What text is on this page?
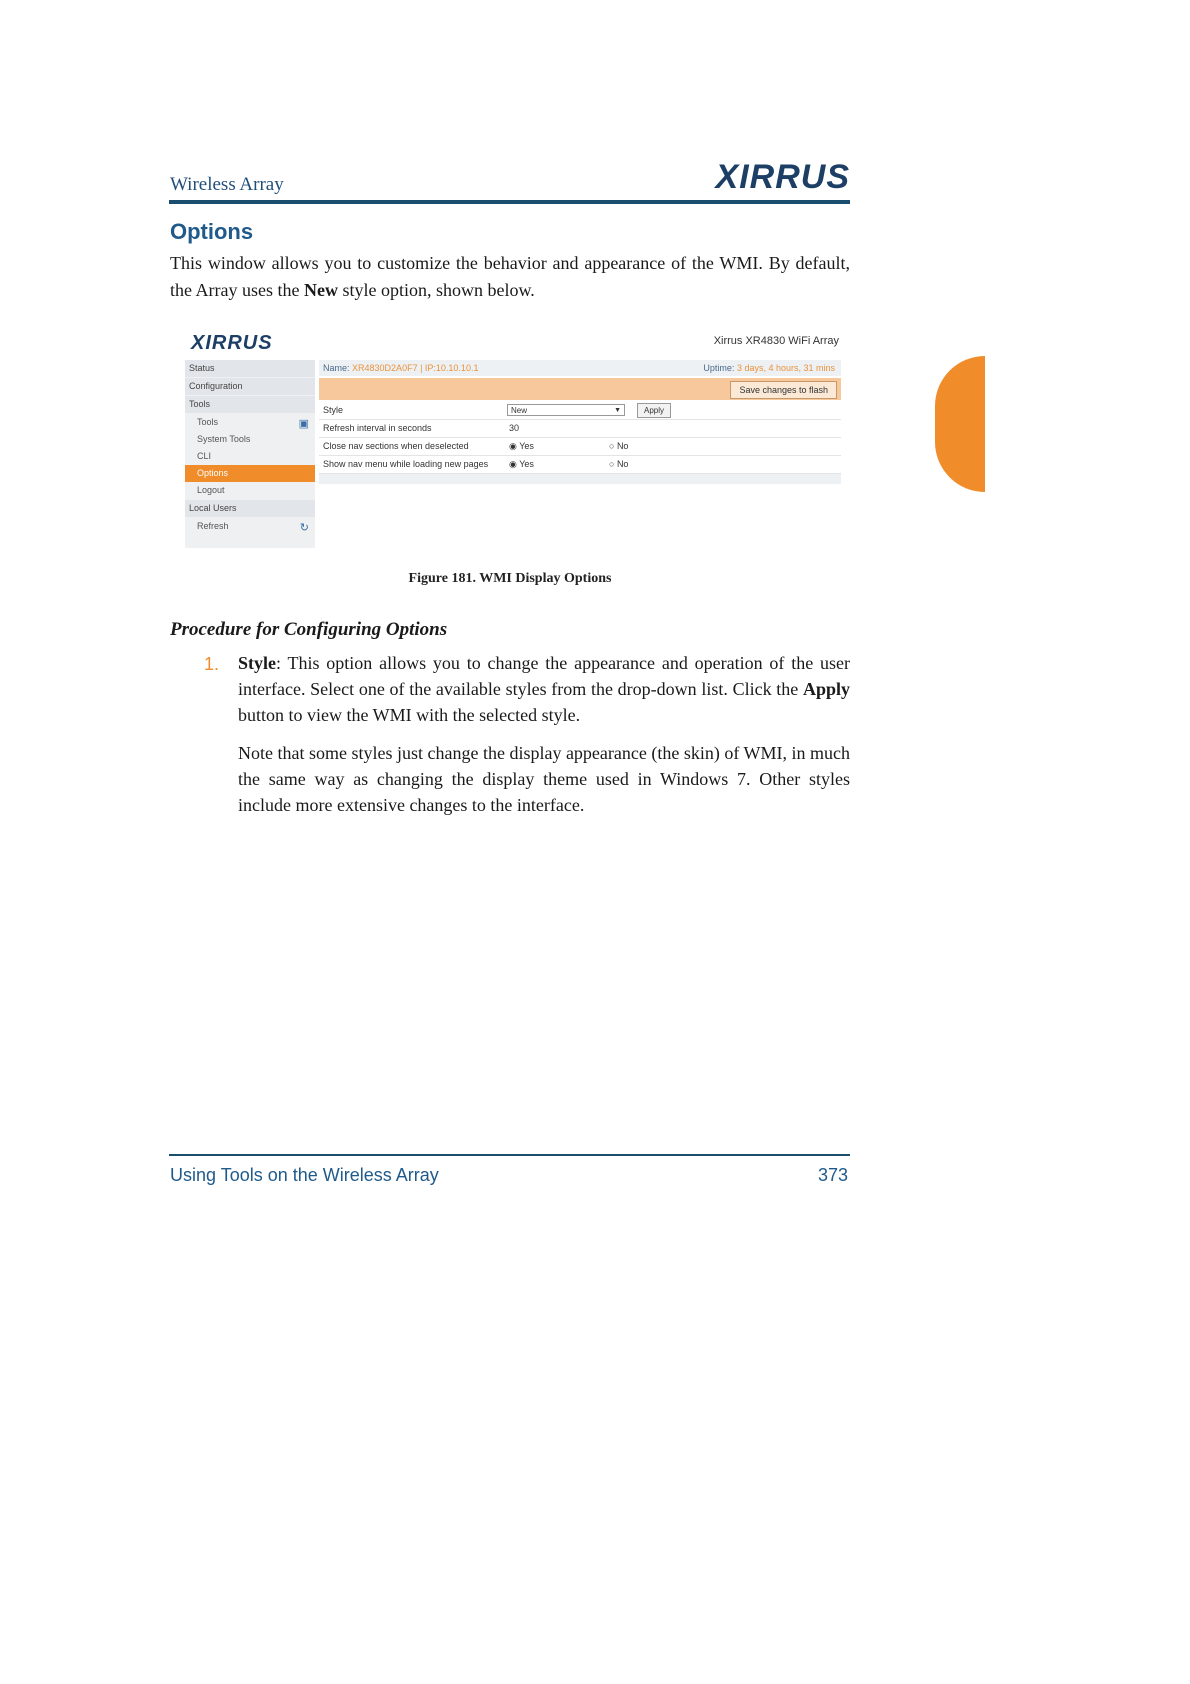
Wireless Array	XIRRUS
Options
This window allows you to customize the behavior and appearance of the WMI. By default, the Array uses the New style option, shown below.
XIRRUS	Xirrus XR4830 WiFi Array
Status
Configuration
Tools
Tools	▣
System Tools
CLI
Options
Logout
Local Users
Refresh	↻
Name: XR4830D2A0F7 | IP:10.10.10.1	Uptime: 3 days, 4 hours, 31 mins
Save changes to flash
Style	New	▼	Apply
Refresh interval in seconds	30
Close nav sections when deselected	◉ Yes	○ No
Show nav menu while loading new pages ◉ Yes	○ No
Figure 181. WMI Display Options
Procedure for Configuring Options
1. Style: This option allows you to change the appearance and operation of the user interface. Select one of the available styles from the drop-down list. Click the Apply button to view the WMI with the selected style.
Note that some styles just change the display appearance (the skin) of WMI, in much the same way as changing the display theme used in Windows 7. Other styles include more extensive changes to the interface.
Using Tools on the Wireless Array	373
